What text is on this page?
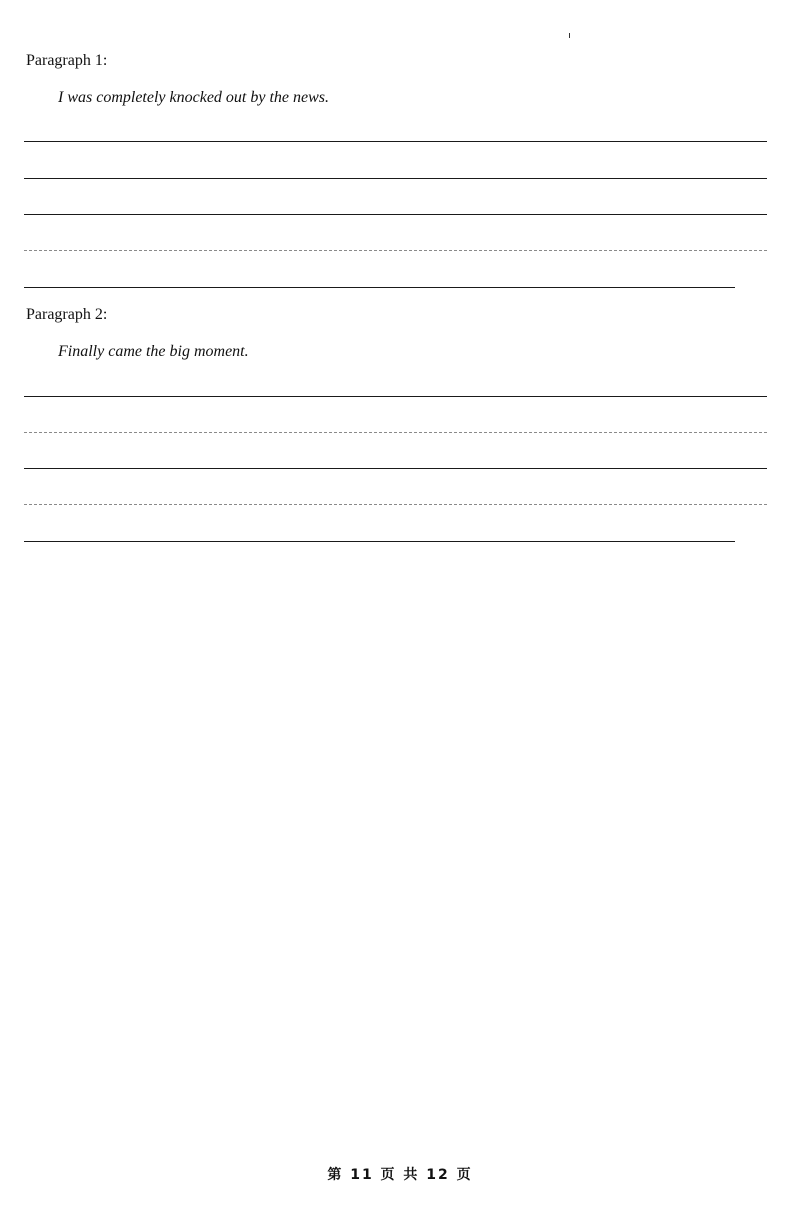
Paragraph 1:
I was completely knocked out by the news.
Paragraph 2:
Finally came the big moment.
第 11 页 共 12 页
